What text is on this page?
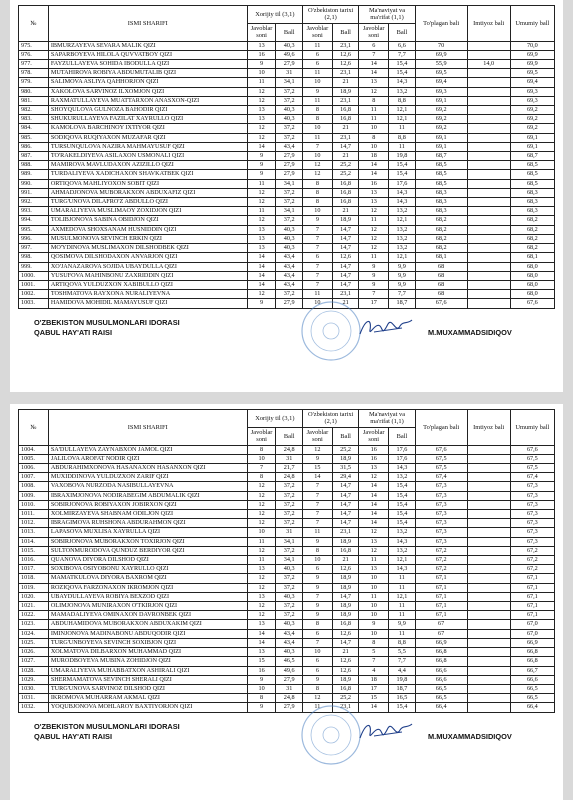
№	ISMI SHARIFI	Xorijiy til (3,1)		O'zbekiston tarixi (2,1)		Ma'naviyat va ma'rifat (1,1)		To'plagan bali	Imtiyoz bali	Umumiy ball
		Javoblar soni	Ball	Javoblar soni	Ball	Javoblar soni	Ball			
975.	IBMURZAYEVA SEVARA MALIK QIZI	13	40,3	11	23,1	6	6,6	70		70,0
976.	SAPARBOYEVA HILOLA QUVVATBOY QIZI	16	49,6	6	12,6	7	7,7	69,9		69,9
977.	FAYZULLAYEVA SOHIDA IBODULLA QIZI	9	27,9	6	12,6	14	15,4	55,9	14,0	69,9
978.	MUTAHIROVA ROBIYA ABDUMUTALIB QIZI	10	31	11	23,1	14	15,4	69,5		69,5
979.	SALIMOVA ASLIYA QAHHORJON QIZI	11	34,1	10	21	13	14,3	69,4		69,4
980.	XAKOLOVA SARVINOZ ILXOMJON QIZI	12	37,2	9	18,9	12	13,2	69,3		69,3
981.	RAXMATULLAYEVA MUATTARXON ANASXON-QIZI	12	37,2	11	23,1	8	8,8	69,1		69,3
982.	SHOYQULOVA GULNOZA BAHODIR QIZI	13	40,3	8	16,8	11	12,1	69,2		69,2
983.	SHUKURULLAYEVA FAZILAT XAYRULLO QIZI	13	40,3	8	16,8	11	12,1	69,2		69,2
984.	KAMOLOVA BARCHINOY IXTIYOR QIZI	12	37,2	10	21	10	11	69,2		69,2
985.	SODIQOVA RUQIYAXON MUZAFAR QIZI	12	37,2	11	23,1	8	8,8	69,1		69,1
986.	TURSUNQULOVA NAZIRA MAHMAYUSUF QIZI	14	43,4	7	14,7	10	11	69,1		69,1
987.	TO'RAKELDIYEVA ASILAXON USMONALI QIZI	9	27,9	10	21	18	19,8	68,7		68,7
988.	MAMIROVA MAVLUDAXON AZIZILLO QIZI	9	27,9	12	25,2	14	15,4	68,5		68,5
989.	TURDALIYEVA XADICHAXON SHAVKATBEK QIZI	9	27,9	12	25,2	14	15,4	68,5		68,5
990.	ORTIQOVA MAHLIYOXON SOBIT QIZI	11	34,1	8	16,8	16	17,6	68,5		68,5
991.	AHMADJONOVA MUBORAKXON ABDUXAFIZ QIZI	12	37,2	8	16,8	13	14,3	68,3		68,3
992.	TURG'UNOVA DILAFRO'Z ABDULLO QIZI	12	37,2	8	16,8	13	14,3	68,3		68,3
993.	UMARALIYEVA MUSLIMAOY ZOXIDJON QIZI	11	34,1	10	21	12	13,2	68,3		68,3
994.	TOLIBJONOVA SABINA OBIDJON QIZI	12	37,2	9	18,9	11	12,1	68,2		68,2
995.	AXMEDOVA SHOXSANAM HUSNIDDIN QIZI	13	40,3	7	14,7	12	13,2	68,2		68,2
996.	MUSULMONOVA SEVINCH ERKIN QIZI	13	40,3	7	14,7	12	13,2	68,2		68,2
997.	MO'YDINOVA MUSLIMAXON DILSHODBEK QIZI	13	40,3	7	14,7	12	13,2	68,2		68,2
998.	QOSIMOVA DILSHODAXON ANVARJON QIZI	14	43,4	6	12,6	11	12,1	68,1		68,1
999.	XO'JANAZAROVA SOJIDA UBAYDULLA QIZI	14	43,4	7	14,7	9	9,9	68		68,0
1000.	YUSUFOVA MAHINBONU ZAXRIDDIN QIZI	14	43,4	7	14,7	9	9,9	68		68,0
1001.	ARTIQOVA YULDUZXON XABIBULLO QIZI	14	43,4	7	14,7	9	9,9	68		68,0
1002.	TOSHMATOVA RAYXONA NURALIYEVNA	12	37,2	11	23,1	7	7,7	68		68,0
1003.	HAMIDOVA MOHIDIL MAMAYUSUF QIZI	9	27,9	10	21	17	18,7	67,6		67,6
O'ZBEKISTON MUSULMONLARI IDORASI
QABUL HAY'ATI RAISI	M.MUXAMMADSIDIQOV
№	ISMI SHARIFI	Xorijiy til (3,1)		O'zbekiston tarixi (2,1)		Ma'naviyat va ma'rifat (1,1)		To'plagan bali	Imtiyoz bali	Umumiy ball
		Javoblar soni	Ball	Javoblar soni	Ball	Javoblar soni	Ball			
1004.	SA'DULLAYEVA ZAYNABXON JAMOL QIZI	8	24,8	12	25,2	16	17,6	67,6		67,6
1005.	JALILOVA AROFAT NODIR QIZI	10	31	9	18,9	16	17,6	67,5		67,5
1006.	ABDURAHIMXONOVA HASANAXON HASANXON QIZI	7	21,7	15	31,5	13	14,3	67,5		67,5
1007.	MUXIDDINOVA YULDUZXON ZARIF QIZI	8	24,8	14	29,4	12	13,2	67,4		67,4
1008.	VAXOBOVA NURZODA NASIBULLAYEVNA	12	37,2	7	14,7	14	15,4	67,3		67,3
1009.	IBRAXIMJONOVA NODIRABEGIM ABDUMALIK QIZI	12	37,2	7	14,7	14	15,4	67,3		67,3
1010.	SOBIRJONOVA ROBIYAXON JOBIRXON QIZI	12	37,2	7	14,7	14	15,4	67,3		67,3
1011.	XOLMIRZAYEVA SHABNAM ODILJON QIZI	12	37,2	7	14,7	14	15,4	67,3		67,3
1012.	IBRAGIMOVA RUHSHONA ABDURAHMON QIZI	12	37,2	7	14,7	14	15,4	67,3		67,3
1013.	LAPASOVA MUXLISA XAYRULLA QIZI	10	31	11	23,1	12	13,2	67,3		67,3
1014.	SOBIRJONOVA MUBORAKXON TOXIRJON QIZI	11	34,1	9	18,9	13	14,3	67,3		67,3
1015.	SULTONMURODOVA QUNDUZ BERDIYOR QIZI	12	37,2	8	16,8	12	13,2	67,2		67,2
1016.	QUANOVA DIYORA DILSHOD QIZI	11	34,1	10	21	11	12,1	67,2		67,2
1017.	SOXIBOVA OSIYOBONU XAYRULLO QIZI	13	40,3	6	12,6	13	14,3	67,2		67,2
1018.	MAMATKULOVA DIYORA BAXROM QIZI	12	37,2	9	18,9	10	11	67,1		67,1
1019.	ROZIQOVA FARZONAXON IKROMJON QIZI	12	37,2	9	18,9	10	11	67,1		67,1
1020.	UBAYDULLAYEVA ROBIYA BEXZOD QIZI	13	40,3	7	14,7	11	12,1	67,1		67,1
1021.	OLIMJONOVA MUNIRAXON O'TKIRJON QIZI	12	37,2	9	18,9	10	11	67,1		67,1
1022.	MAMADALIYEVA OMINAXON DAVRONBEK QIZI	12	37,2	9	18,9	10	11	67,1		67,1
1023.	ABDUHAMIDOVA MUBORAKXON ABDUXAKIM QIZI	13	40,3	8	16,8	9	9,9	67		67,0
1024.	IMINJONOVA MADINABONU ABDUQODIR QIZI	14	43,4	6	12,6	10	11	67		67,0
1025.	TURG'UNBOYEVA SEVINCH SOXIBJON QIZI	14	43,4	7	14,7	8	8,8	66,9		66,9
1026.	XOLMATOVA DILBARXON MUHAMMAD QIZI	13	40,3	10	21	5	5,5	66,8		66,8
1027.	MURODBOYEVA MUBINA ZOHIDJON QIZI	15	46,5	6	12,6	7	7,7	66,8		66,8
1028.	UMARALIYEVA MUHABBATXON ASHIRALI QIZI	16	49,6	6	12,6	4	4,4	66,6		66,7
1029.	SHERMAMATOVA SEVINCH SHERALI QIZI	9	27,9	9	18,9	18	19,8	66,6		66,6
1030.	TURG'UNOVA SARVINOZ DILSHOD QIZI	10	31	8	16,8	17	18,7	66,5		66,5
1031.	IKROMOVA MUHARRAM AKMAL QIZI	8	24,8	12	25,2	15	16,5	66,5		66,5
1032.	YOQUBJONOVA MOHLAROY BAXTIYORJON QIZI	9	27,9	11	23,1	14	15,4	66,4		66,4
O'ZBEKISTON MUSULMONLARI IDORASI
QABUL HAY'ATI RAISI	M.MUXAMMADSIDIQOV
